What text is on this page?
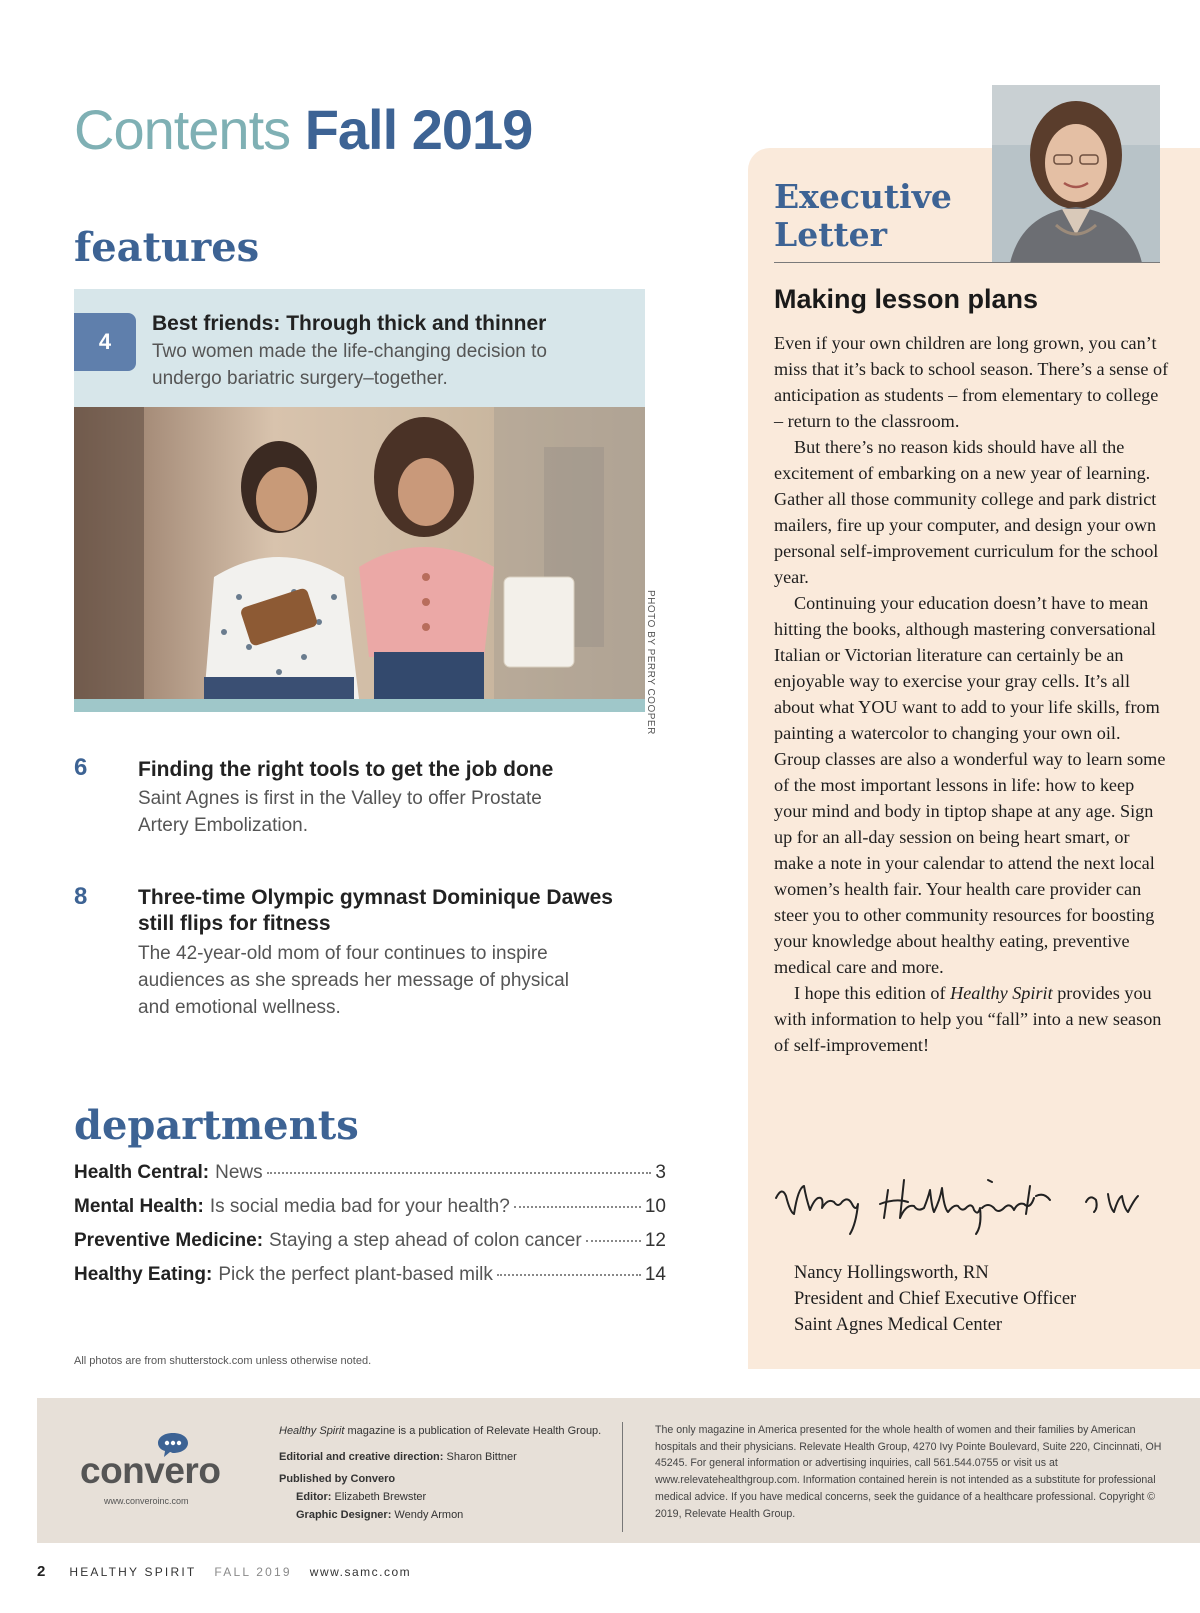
Contents Fall 2019
features
4
Best friends: Through thick and thinner
Two women made the life-changing decision to undergo bariatric surgery–together.
PHOTO BY PERRY COOPER
6 Finding the right tools to get the job done
Saint Agnes is first in the Valley to offer Prostate Artery Embolization.
8 Three-time Olympic gymnast Dominique Dawes
still flips for fitness
The 42-year-old mom of four continues to inspire audiences as she spreads her message of physical and emotional wellness.
departments
Health Central: News	3
Mental Health: Is social media bad for your health?	10
Preventive Medicine: Staying a step ahead of colon cancer	12
Healthy Eating: Pick the perfect plant-based milk	14
All photos are from shutterstock.com unless otherwise noted.
Executive
Letter
Making lesson plans

Even if your own children are long grown, you can’t miss that it’s back to school season. There’s a sense of anticipation as students – from elementary to college – return to the classroom.

But there’s no reason kids should have all the excitement of embarking on a new year of learning. Gather all those community college and park district mailers, fire up your computer, and design your own personal self-improvement curriculum for the school year.

Continuing your education doesn’t have to mean hitting the books, although mastering conversational Italian or Victorian literature can certainly be an enjoyable way to exercise your gray cells. It’s all about what YOU want to add to your life skills, from painting a watercolor to changing your own oil. Group classes are also a wonderful way to learn some of the most important lessons in life: how to keep your mind and body in tiptop shape at any age. Sign up for an all-day session on being heart smart, or make a note in your calendar to attend the next local women’s health fair. Your health care provider can steer you to other community resources for boosting your knowledge about healthy eating, preventive medical care and more.

I hope this edition of Healthy Spirit provides you with information to help you “fall” into a new season of self-improvement!

Nancy Hollingsworth, RN
President and Chief Executive Officer
Saint Agnes Medical Center
convero
www.converoinc.com
Healthy Spirit magazine is a publication of Relevate Health Group.
Editorial and creative direction: Sharon Bittner
Published by Convero
Editor: Elizabeth Brewster
Graphic Designer: Wendy Armon
The only magazine in America presented for the whole health of women and their families by American hospitals and their physicians. Relevate Health Group, 4270 Ivy Pointe Boulevard, Suite 220, Cincinnati, OH 45245. For general information or advertising inquiries, call 561.544.0755 or visit us at www.relevatehealthgroup.com. Information contained herein is not intended as a substitute for professional medical advice. If you have medical concerns, seek the guidance of a healthcare professional. Copyright © 2019, Relevate Health Group.
2 HEALTHY SPIRIT FALL 2019 www.samc.com
